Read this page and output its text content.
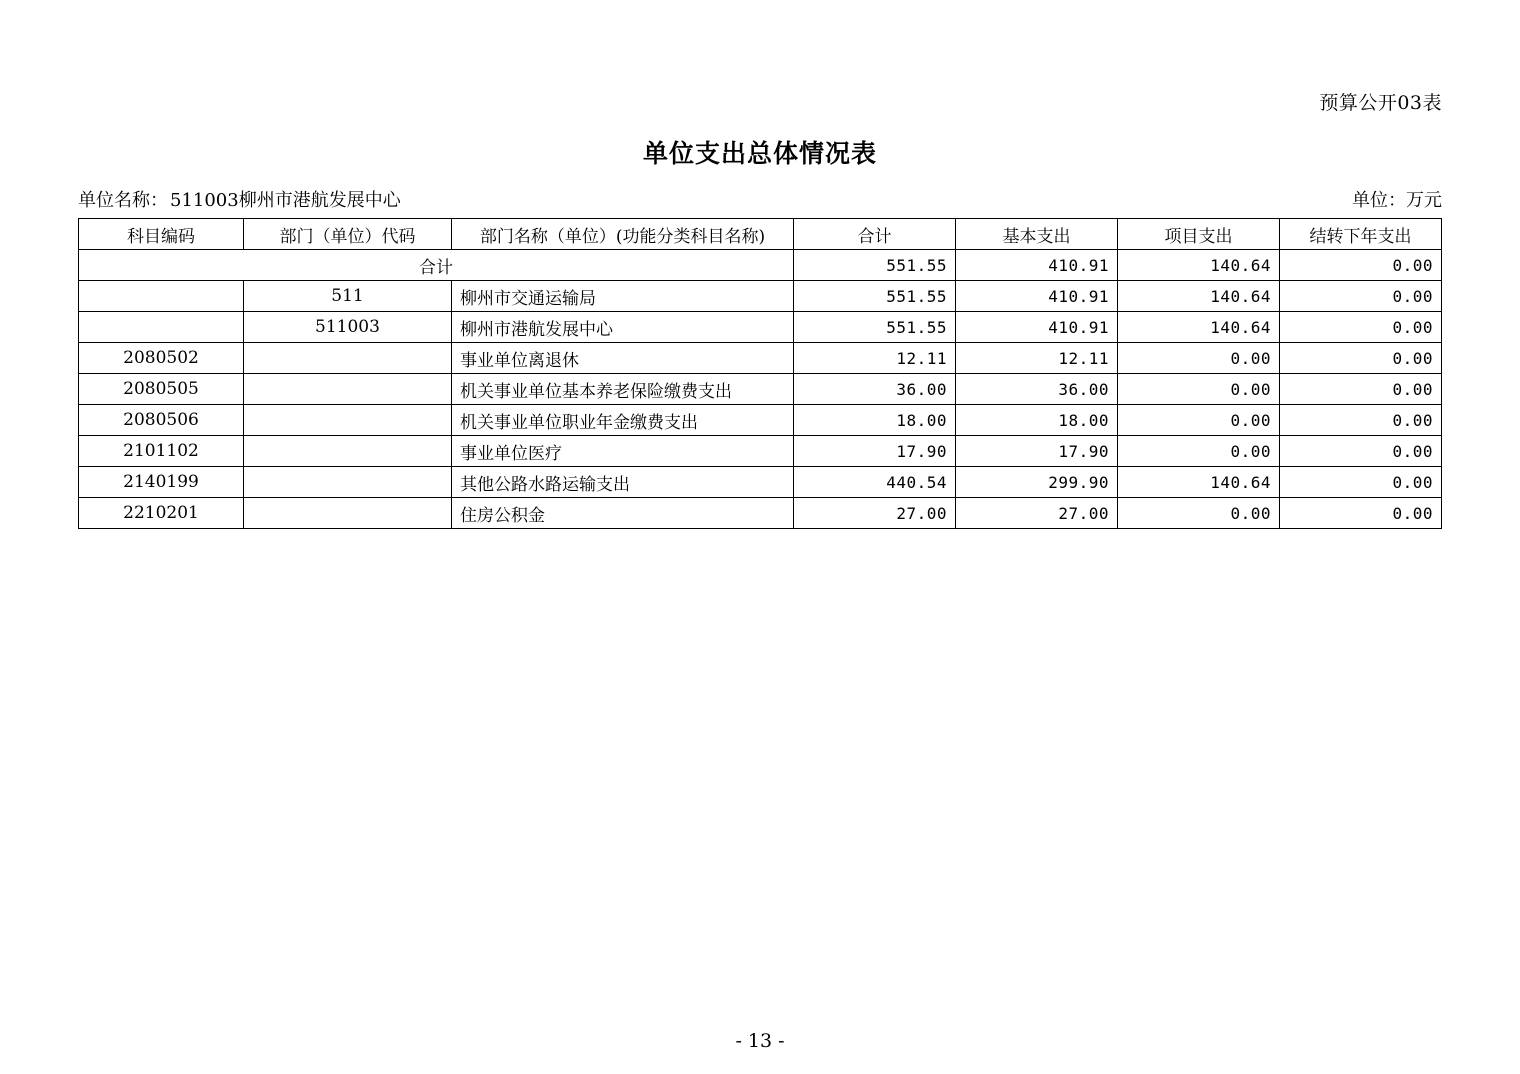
预算公开03表
单位支出总体情况表
单位名称： 511003柳州市港航发展中心	单位：万元
科目编码	部门（单位）代码	部门名称（单位）(功能分类科目名称)	合计	基本支出	项目支出	结转下年支出
合计			551.55	410.91	140.64	0.00
	511	柳州市交通运输局	551.55	410.91	140.64	0.00
	511003	柳州市港航发展中心	551.55	410.91	140.64	0.00
2080502		事业单位离退休	12.11	12.11	0.00	0.00
2080505		机关事业单位基本养老保险缴费支出	36.00	36.00	0.00	0.00
2080506		机关事业单位职业年金缴费支出	18.00	18.00	0.00	0.00
2101102		事业单位医疗	17.90	17.90	0.00	0.00
2140199		其他公路水路运输支出	440.54	299.90	140.64	0.00
2210201		住房公积金	27.00	27.00	0.00	0.00
- 13 -
